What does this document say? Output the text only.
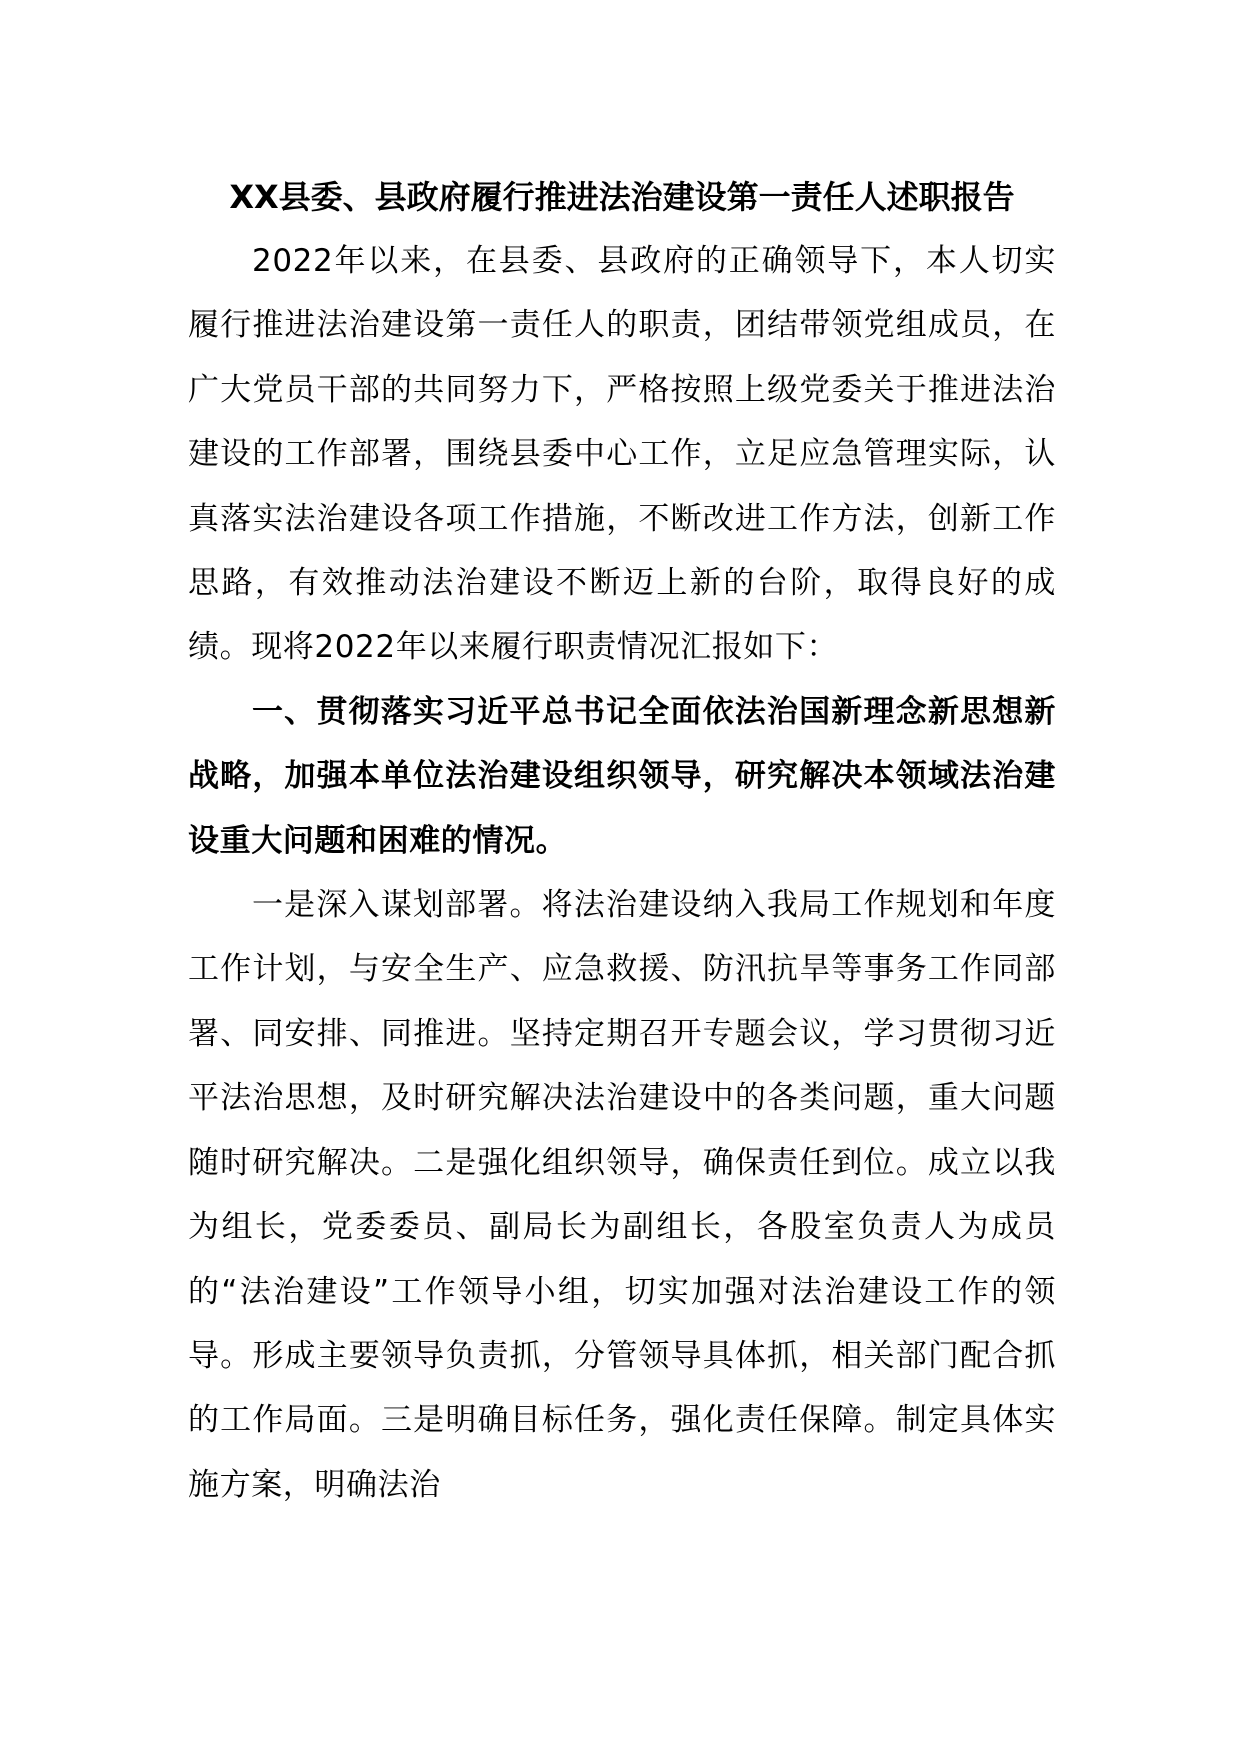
XX县委、县政府履行推进法治建设第一责任人述职报告

2022年以来，在县委、县政府的正确领导下，本人切实履行推进法治建设第一责任人的职责，团结带领党组成员，在广大党员干部的共同努力下，严格按照上级党委关于推进法治建设的工作部署，围绕县委中心工作，立足应急管理实际，认真落实法治建设各项工作措施，不断改进工作方法，创新工作思路，有效推动法治建设不断迈上新的台阶，取得良好的成绩。现将2022年以来履行职责情况汇报如下：

一、贯彻落实习近平总书记全面依法治国新理念新思想新战略，加强本单位法治建设组织领导，研究解决本领域法治建设重大问题和困难的情况。

一是深入谋划部署。将法治建设纳入我局工作规划和年度工作计划，与安全生产、应急救援、防汛抗旱等事务工作同部署、同安排、同推进。坚持定期召开专题会议，学习贯彻习近平法治思想，及时研究解决法治建设中的各类问题，重大问题随时研究解决。二是强化组织领导，确保责任到位。成立以我为组长，党委委员、副局长为副组长，各股室负责人为成员的“法治建设”工作领导小组，切实加强对法治建设工作的领导。形成主要领导负责抓，分管领导具体抓，相关部门配合抓的工作局面。三是明确目标任务，强化责任保障。制定具体实施方案，明确法治
